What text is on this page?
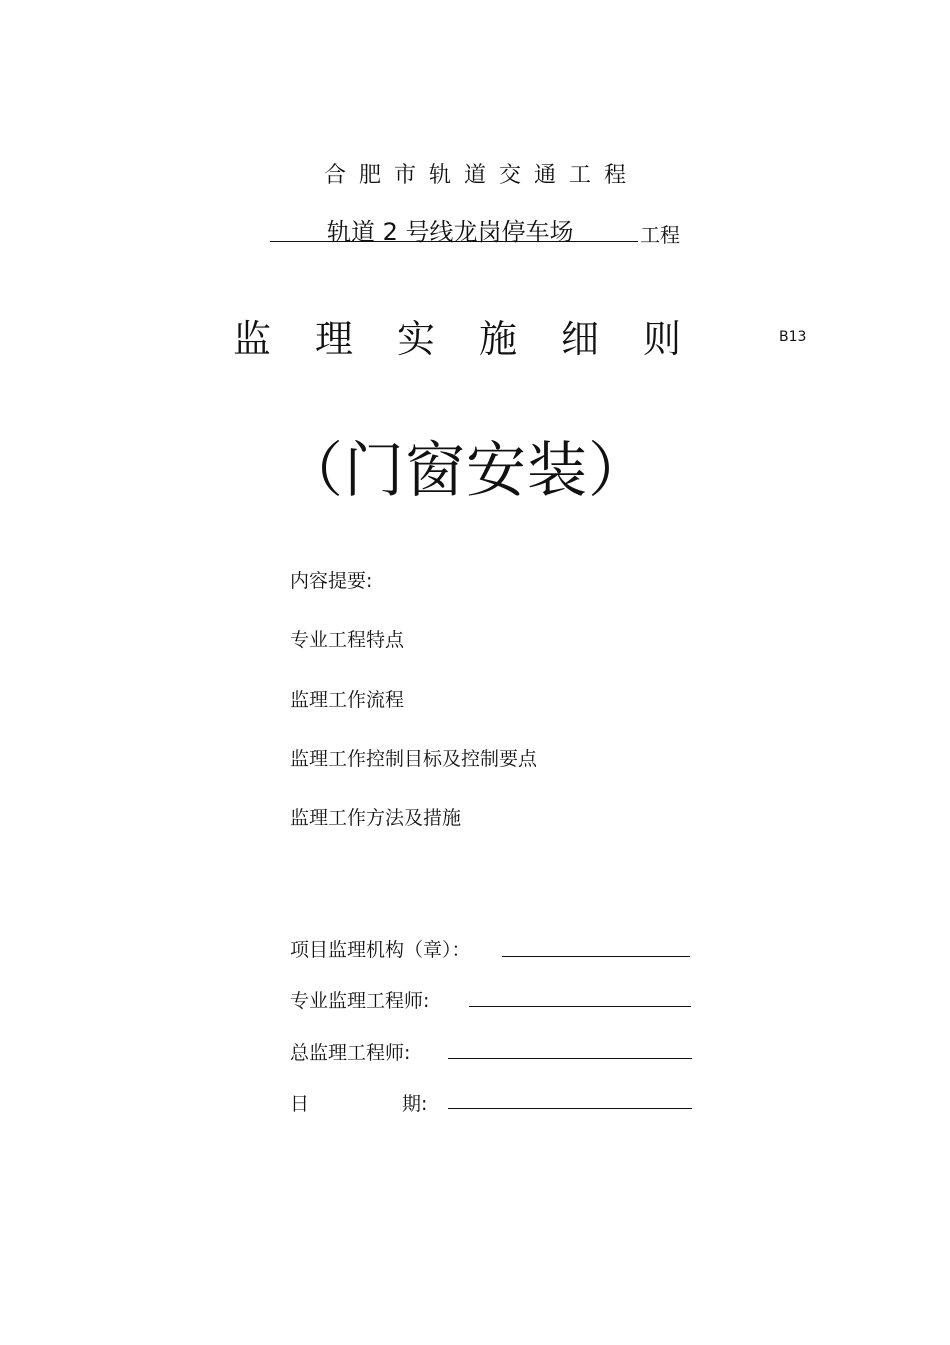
合肥市轨道交通工程
轨道 2 号线龙岗停车场	工程
监理实施细则	B13
（门窗安装）
内容提要:
专业工程特点
监理工作流程
监理工作控制目标及控制要点
监理工作方法及措施
项目监理机构（章）：
专业监理工程师:
总监理工程师:
日	期:
